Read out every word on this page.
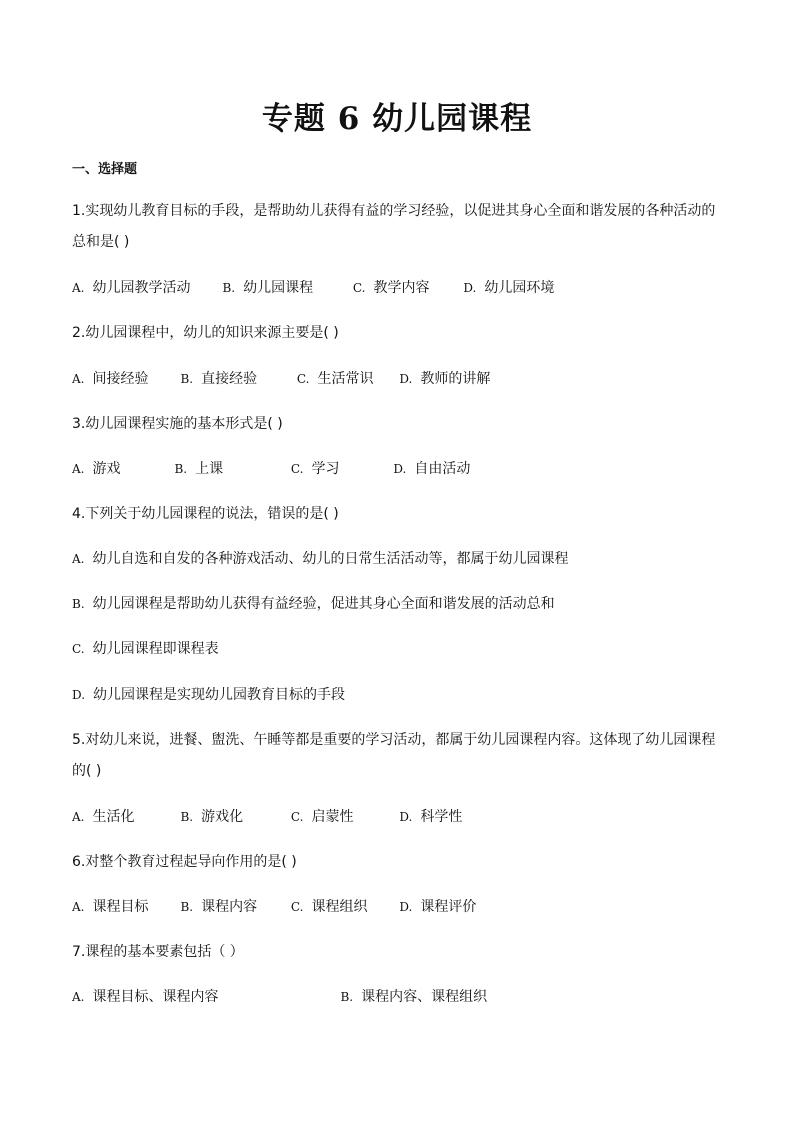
专题 6 幼儿园课程
一、选择题
1.实现幼儿教育目标的手段，是帮助幼儿获得有益的学习经验，以促进其身心全面和谐发展的各种活动的
总和是( )
A. 幼儿园教学活动	B. 幼儿园课程	C. 教学内容	D. 幼儿园环境
2.幼儿园课程中，幼儿的知识来源主要是( )
A. 间接经验	B. 直接经验	C. 生活常识 D. 教师的讲解
3.幼儿园课程实施的基本形式是( )
A. 游戏	B. 上课	C. 学习	D. 自由活动
4.下列关于幼儿园课程的说法，错误的是( )
A. 幼儿自选和自发的各种游戏活动、幼儿的日常生活活动等，都属于幼儿园课程
B. 幼儿园课程是帮助幼儿获得有益经验，促进其身心全面和谐发展的活动总和
C. 幼儿园课程即课程表
D. 幼儿园课程是实现幼儿园教育目标的手段
5.对幼儿来说，进餐、盥洗、午睡等都是重要的学习活动，都属于幼儿园课程内容。这体现了幼儿园课程
的( )
A. 生活化	B. 游戏化	C. 启蒙性	D. 科学性
6.对整个教育过程起导向作用的是( )
A. 课程目标	B. 课程内容	C. 课程组织	D. 课程评价
7.课程的基本要素包括（ ）
A. 课程目标、课程内容	B. 课程内容、课程组织
